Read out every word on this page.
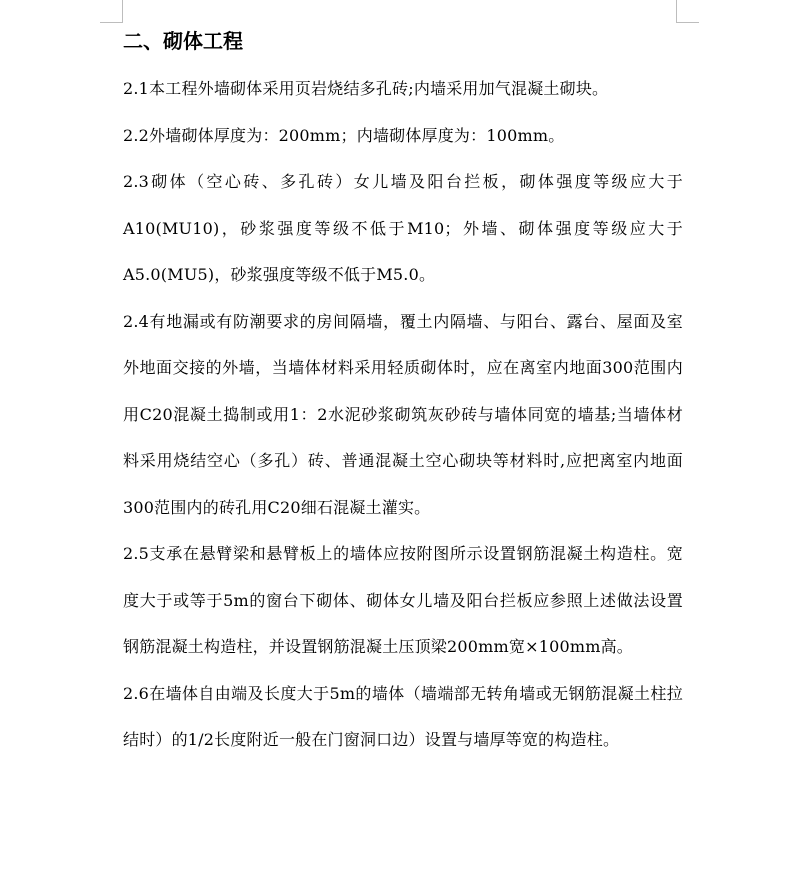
二、砌体工程

2.1本工程外墙砌体采用页岩烧结多孔砖;内墙采用加气混凝土砌块。

2.2外墙砌体厚度为：200mm；内墙砌体厚度为：100mm。

2.3砌体（空心砖、多孔砖）女儿墙及阳台拦板，砌体强度等级应大于A10(MU10)，砂浆强度等级不低于M10；外墙、砌体强度等级应大于A5.0(MU5)，砂浆强度等级不低于M5.0。

2.4有地漏或有防潮要求的房间隔墙，覆土内隔墙、与阳台、露台、屋面及室外地面交接的外墙，当墙体材料采用轻质砌体时，应在离室内地面300范围内用C20混凝土捣制或用1：2水泥砂浆砌筑灰砂砖与墙体同宽的墙基;当墙体材料采用烧结空心（多孔）砖、普通混凝土空心砌块等材料时,应把离室内地面300范围内的砖孔用C20细石混凝土灌实。

2.5支承在悬臂梁和悬臂板上的墙体应按附图所示设置钢筋混凝土构造柱。宽度大于或等于5m的窗台下砌体、砌体女儿墙及阳台拦板应参照上述做法设置钢筋混凝土构造柱，并设置钢筋混凝土压顶梁200mm宽×100mm高。

2.6在墙体自由端及长度大于5m的墙体（墙端部无转角墙或无钢筋混凝土柱拉结时）的1/2长度附近一般在门窗洞口边）设置与墙厚等宽的构造柱。
